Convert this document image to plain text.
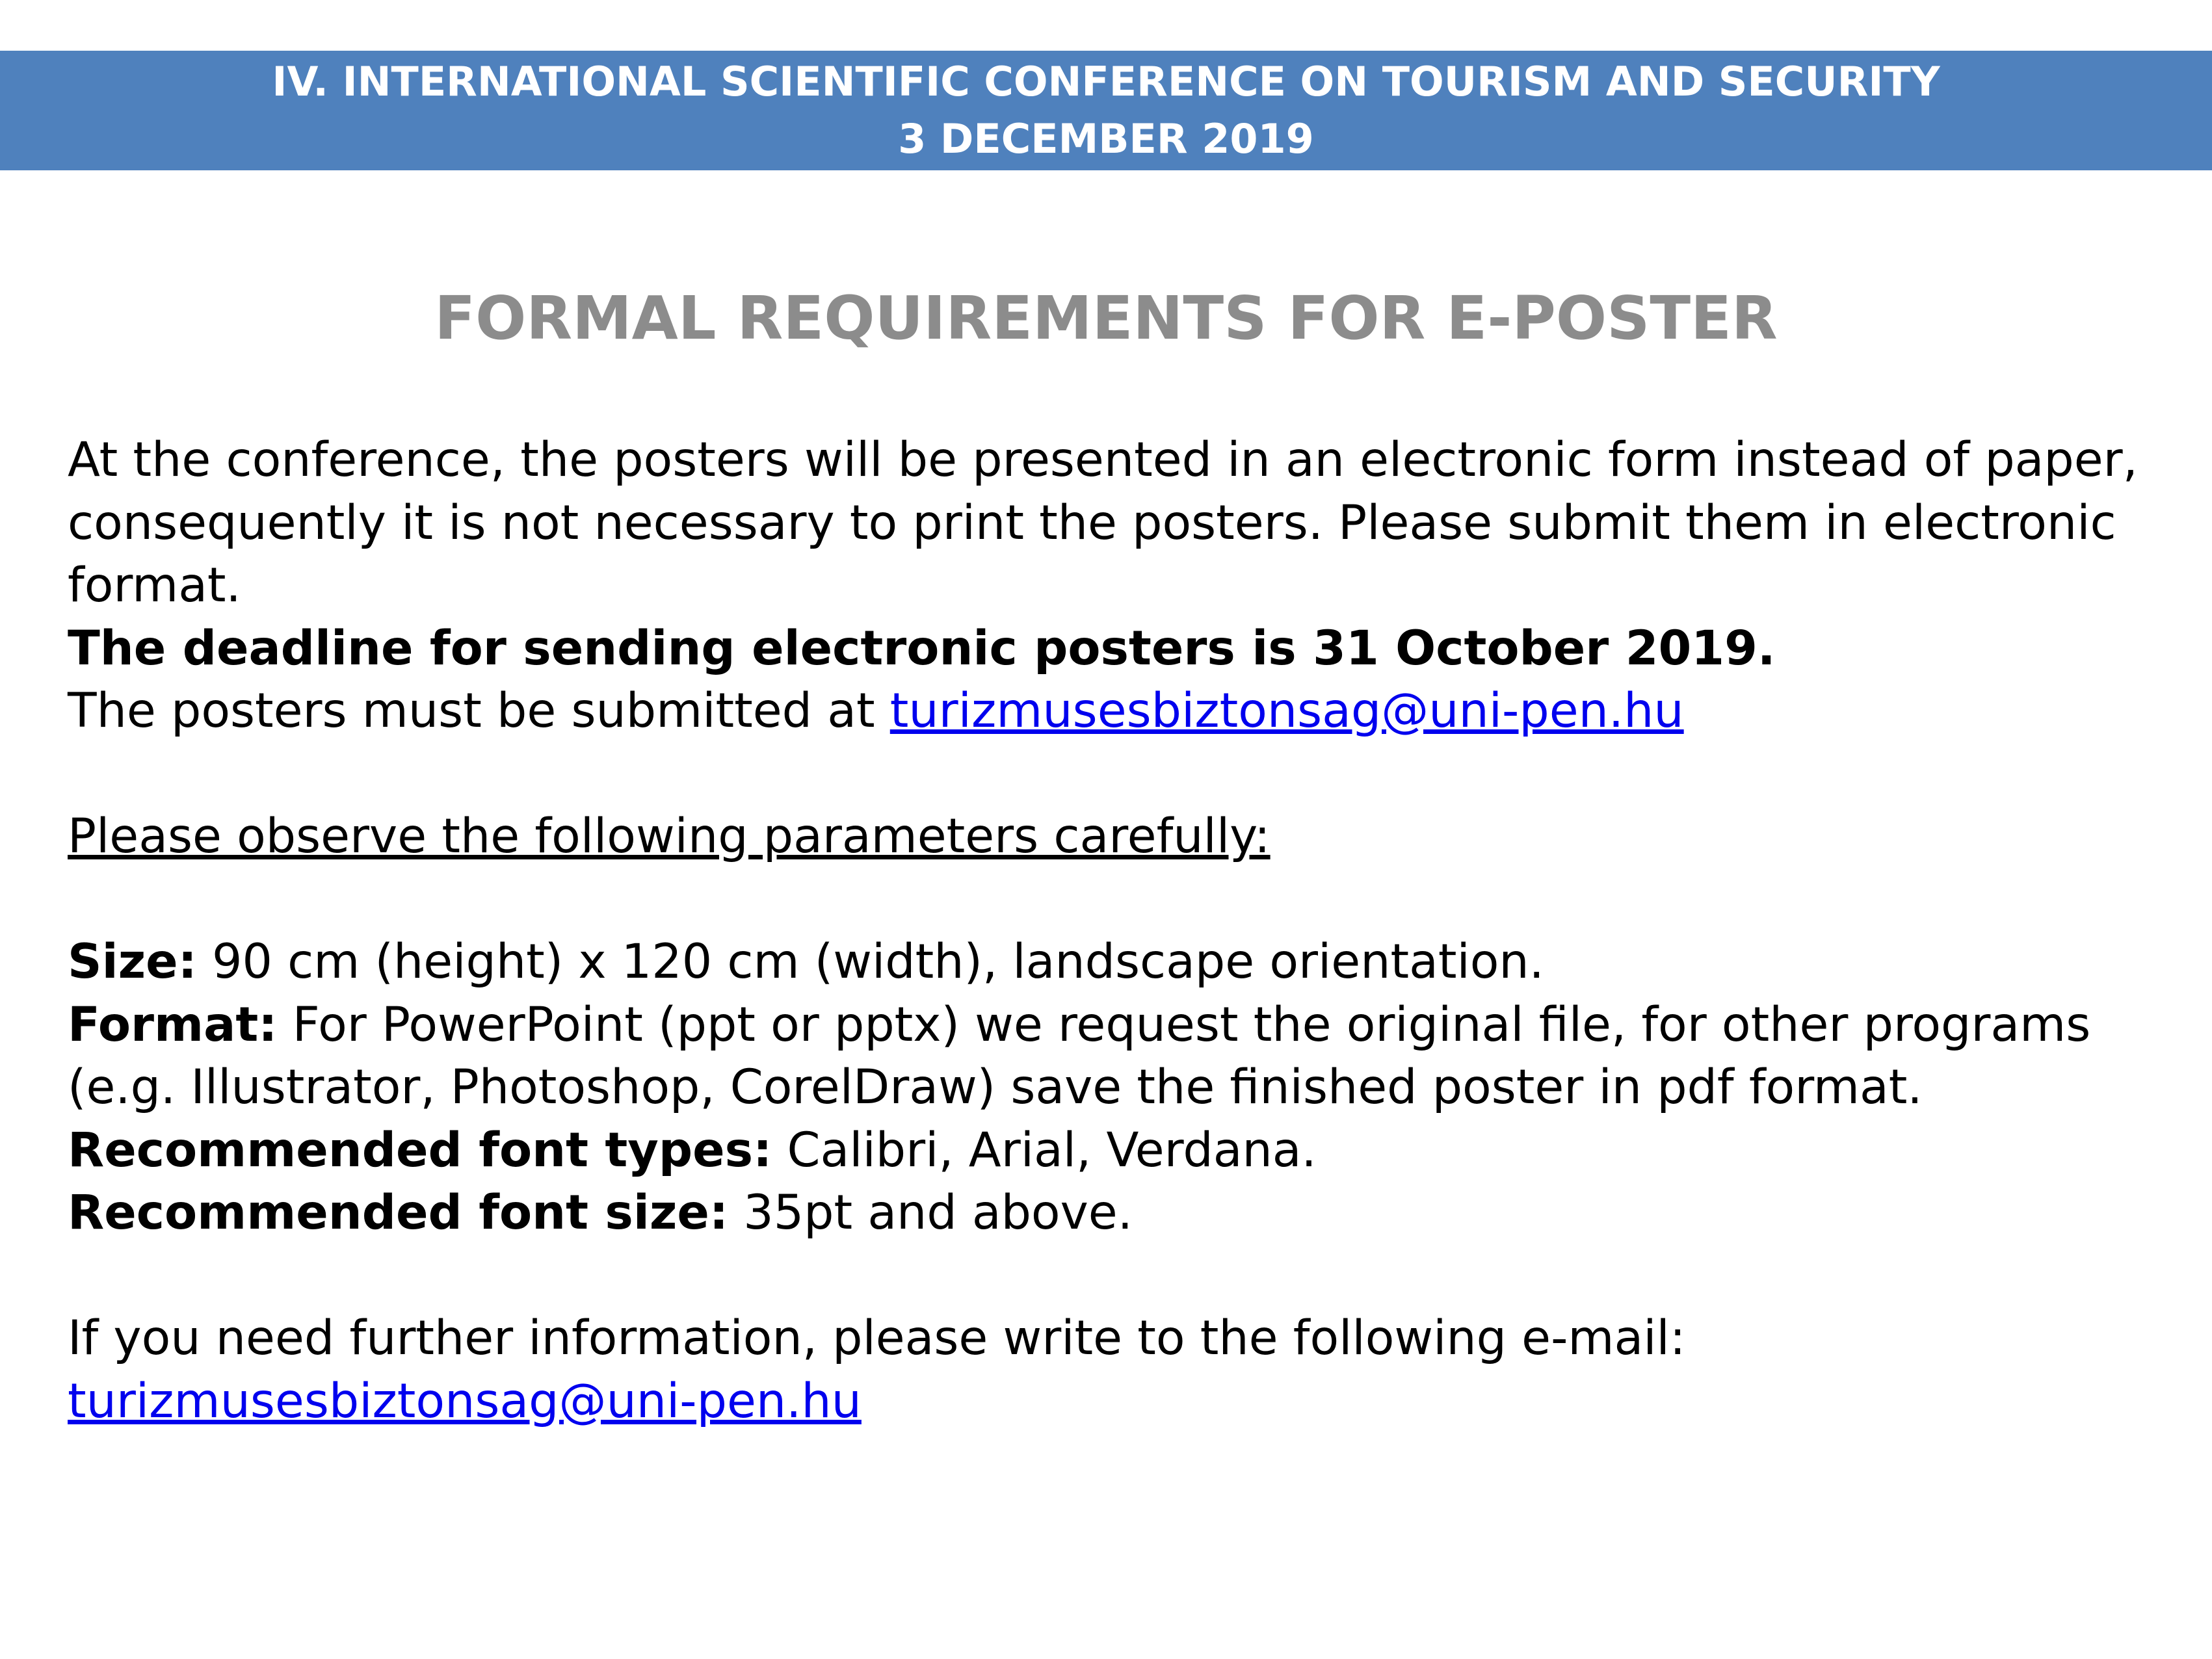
IV. INTERNATIONAL SCIENTIFIC CONFERENCE ON TOURISM AND SECURITY
3 DECEMBER 2019
FORMAL REQUIREMENTS FOR E-POSTER

At the conference, the posters will be presented in an electronic form instead of paper, consequently it is not necessary to print the posters. Please submit them in electronic format.

The deadline for sending electronic posters is 31 October 2019.

The posters must be submitted at turizmusesbiztonsag@uni-pen.hu

Please observe the following parameters carefully:

Size: 90 cm (height) x 120 cm (width), landscape orientation.

Format: For PowerPoint (ppt or pptx) we request the original file, for other programs (e.g. Illustrator, Photoshop, CorelDraw) save the finished poster in pdf format.

Recommended font types: Calibri, Arial, Verdana.

Recommended font size: 35pt and above.

If you need further information, please write to the following e-mail:

turizmusesbiztonsag@uni-pen.hu
